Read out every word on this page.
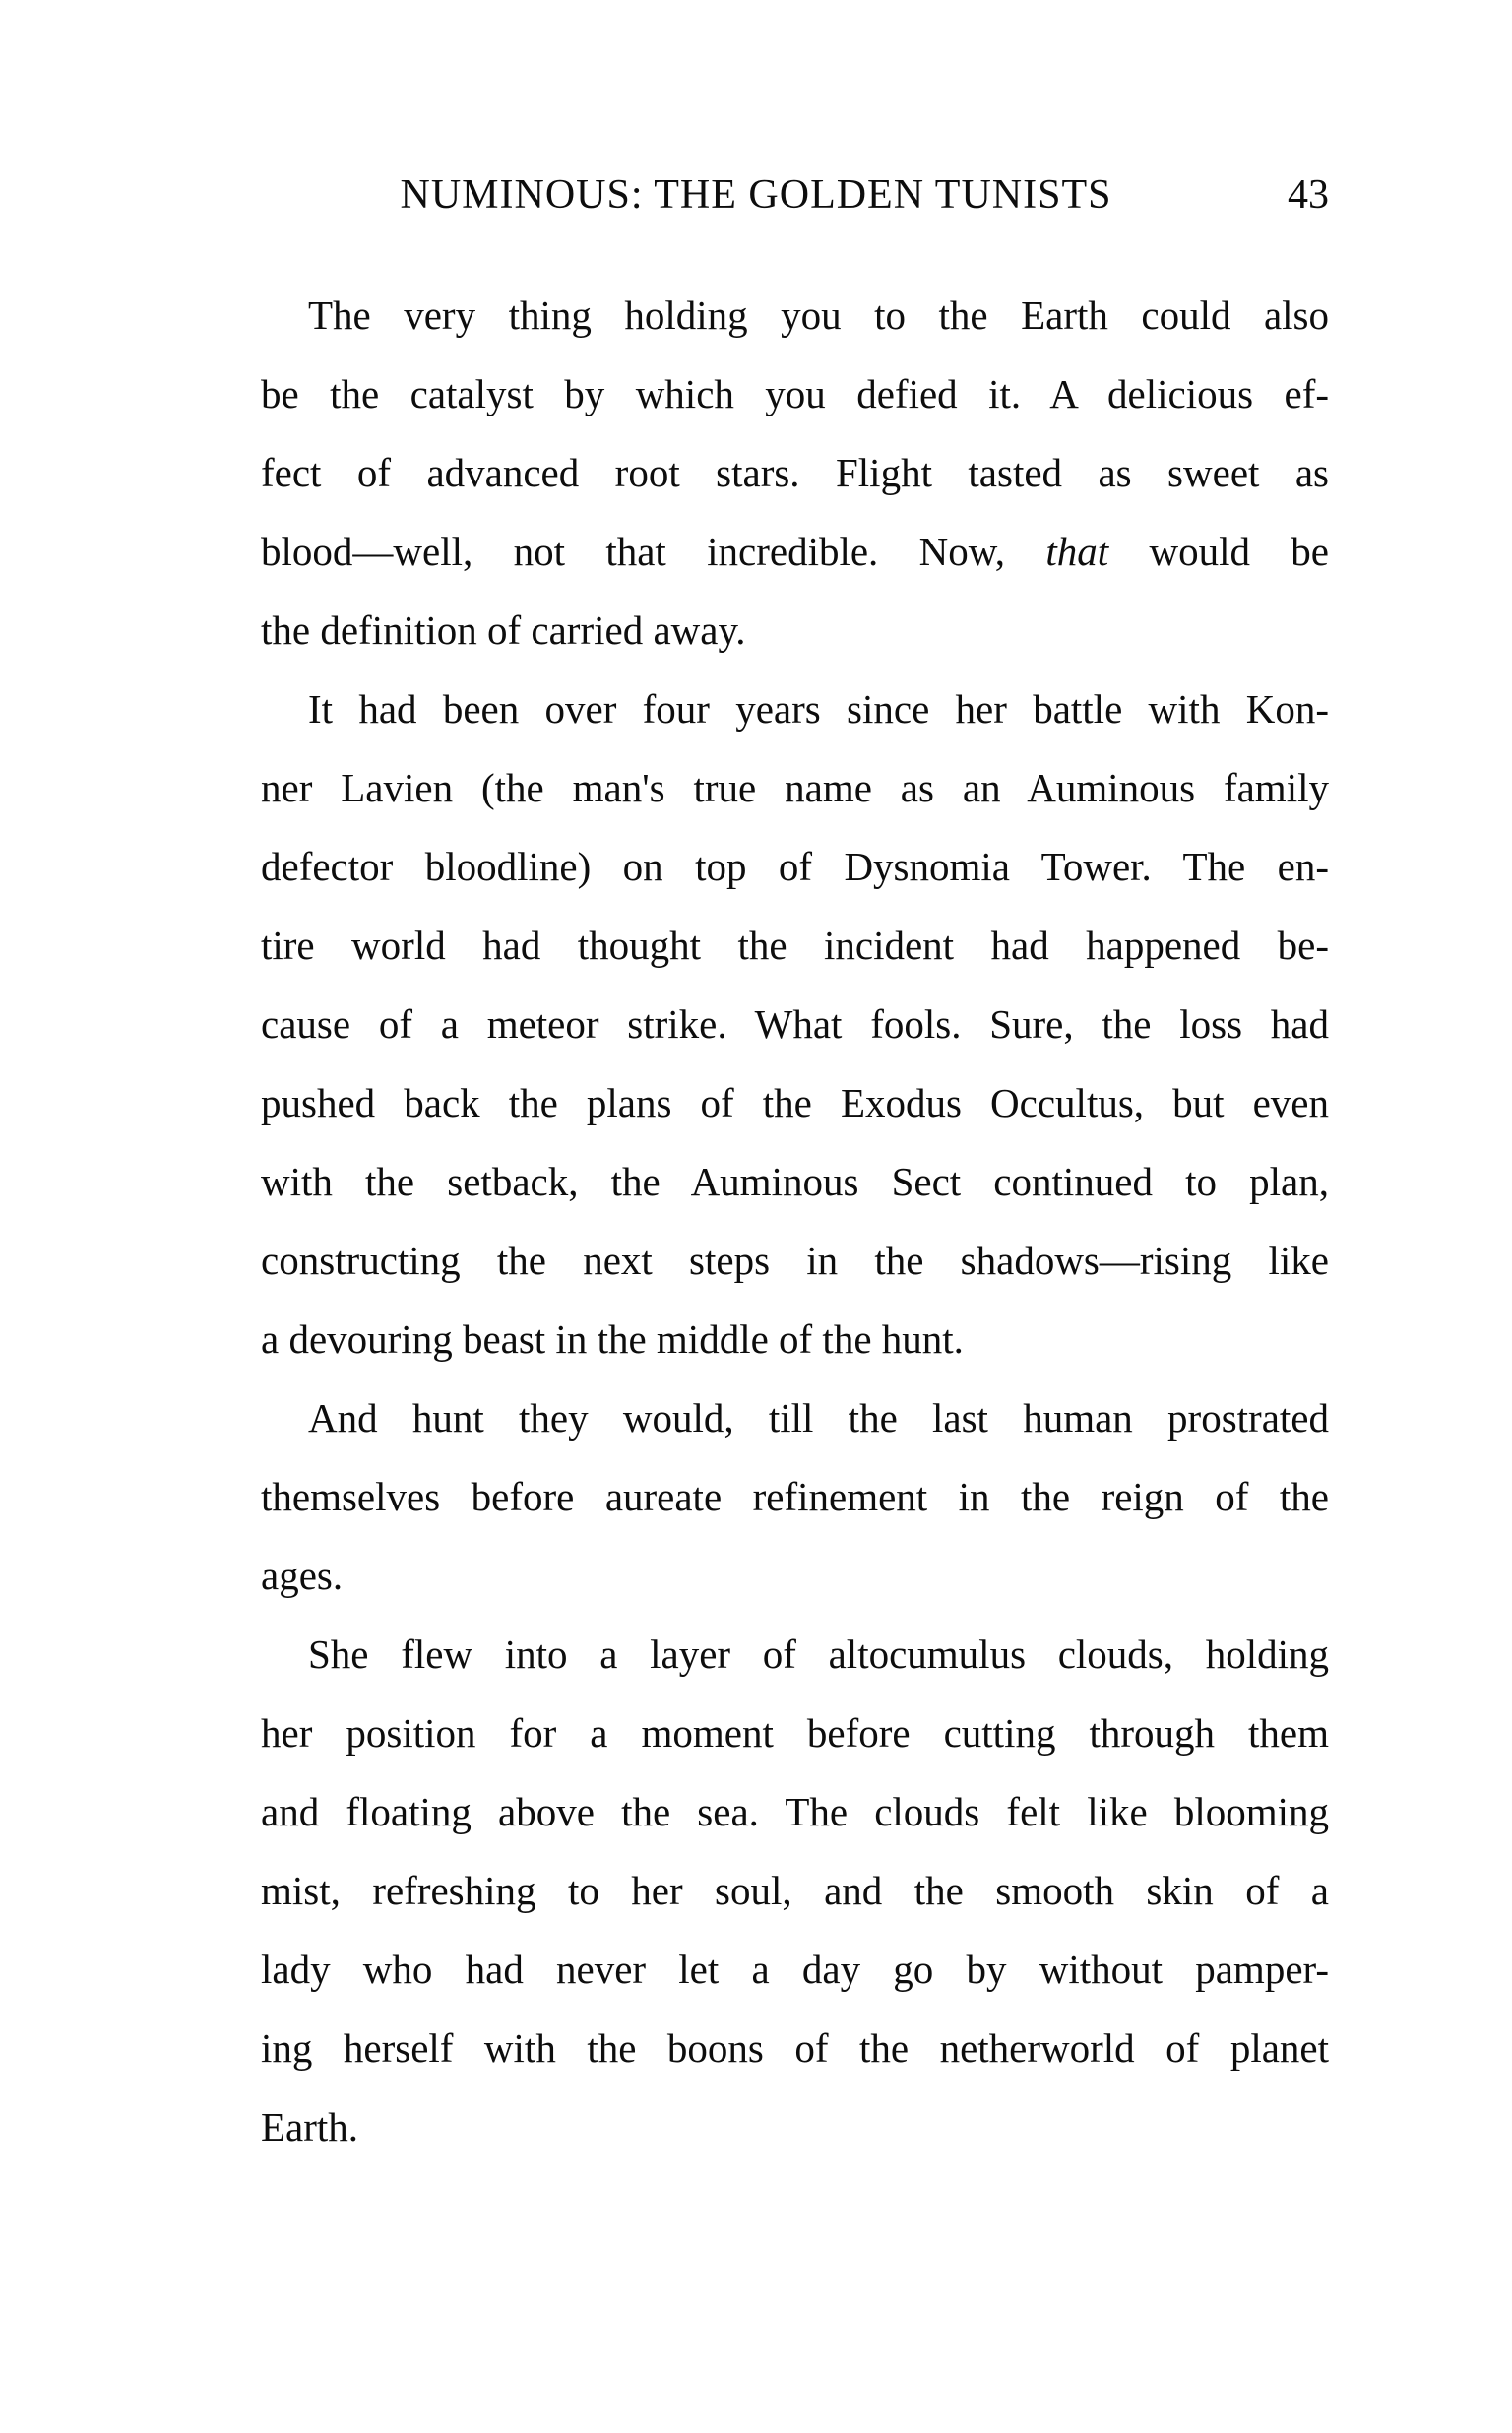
NUMINOUS: THE GOLDEN TUNISTS	43
The very thing holding you to the Earth could also
be the catalyst by which you defied it. A delicious ef-
fect of advanced root stars. Flight tasted as sweet as
blood—well, not that incredible. Now, that would be
the definition of carried away.
It had been over four years since her battle with Kon-
ner Lavien (the man's true name as an Auminous family
defector bloodline) on top of Dysnomia Tower. The en-
tire world had thought the incident had happened be-
cause of a meteor strike. What fools. Sure, the loss had
pushed back the plans of the Exodus Occultus, but even
with the setback, the Auminous Sect continued to plan,
constructing the next steps in the shadows—rising like
a devouring beast in the middle of the hunt.
And hunt they would, till the last human prostrated
themselves before aureate refinement in the reign of the
ages.
She flew into a layer of altocumulus clouds, holding
her position for a moment before cutting through them
and floating above the sea. The clouds felt like blooming
mist, refreshing to her soul, and the smooth skin of a
lady who had never let a day go by without pamper-
ing herself with the boons of the netherworld of planet
Earth.
